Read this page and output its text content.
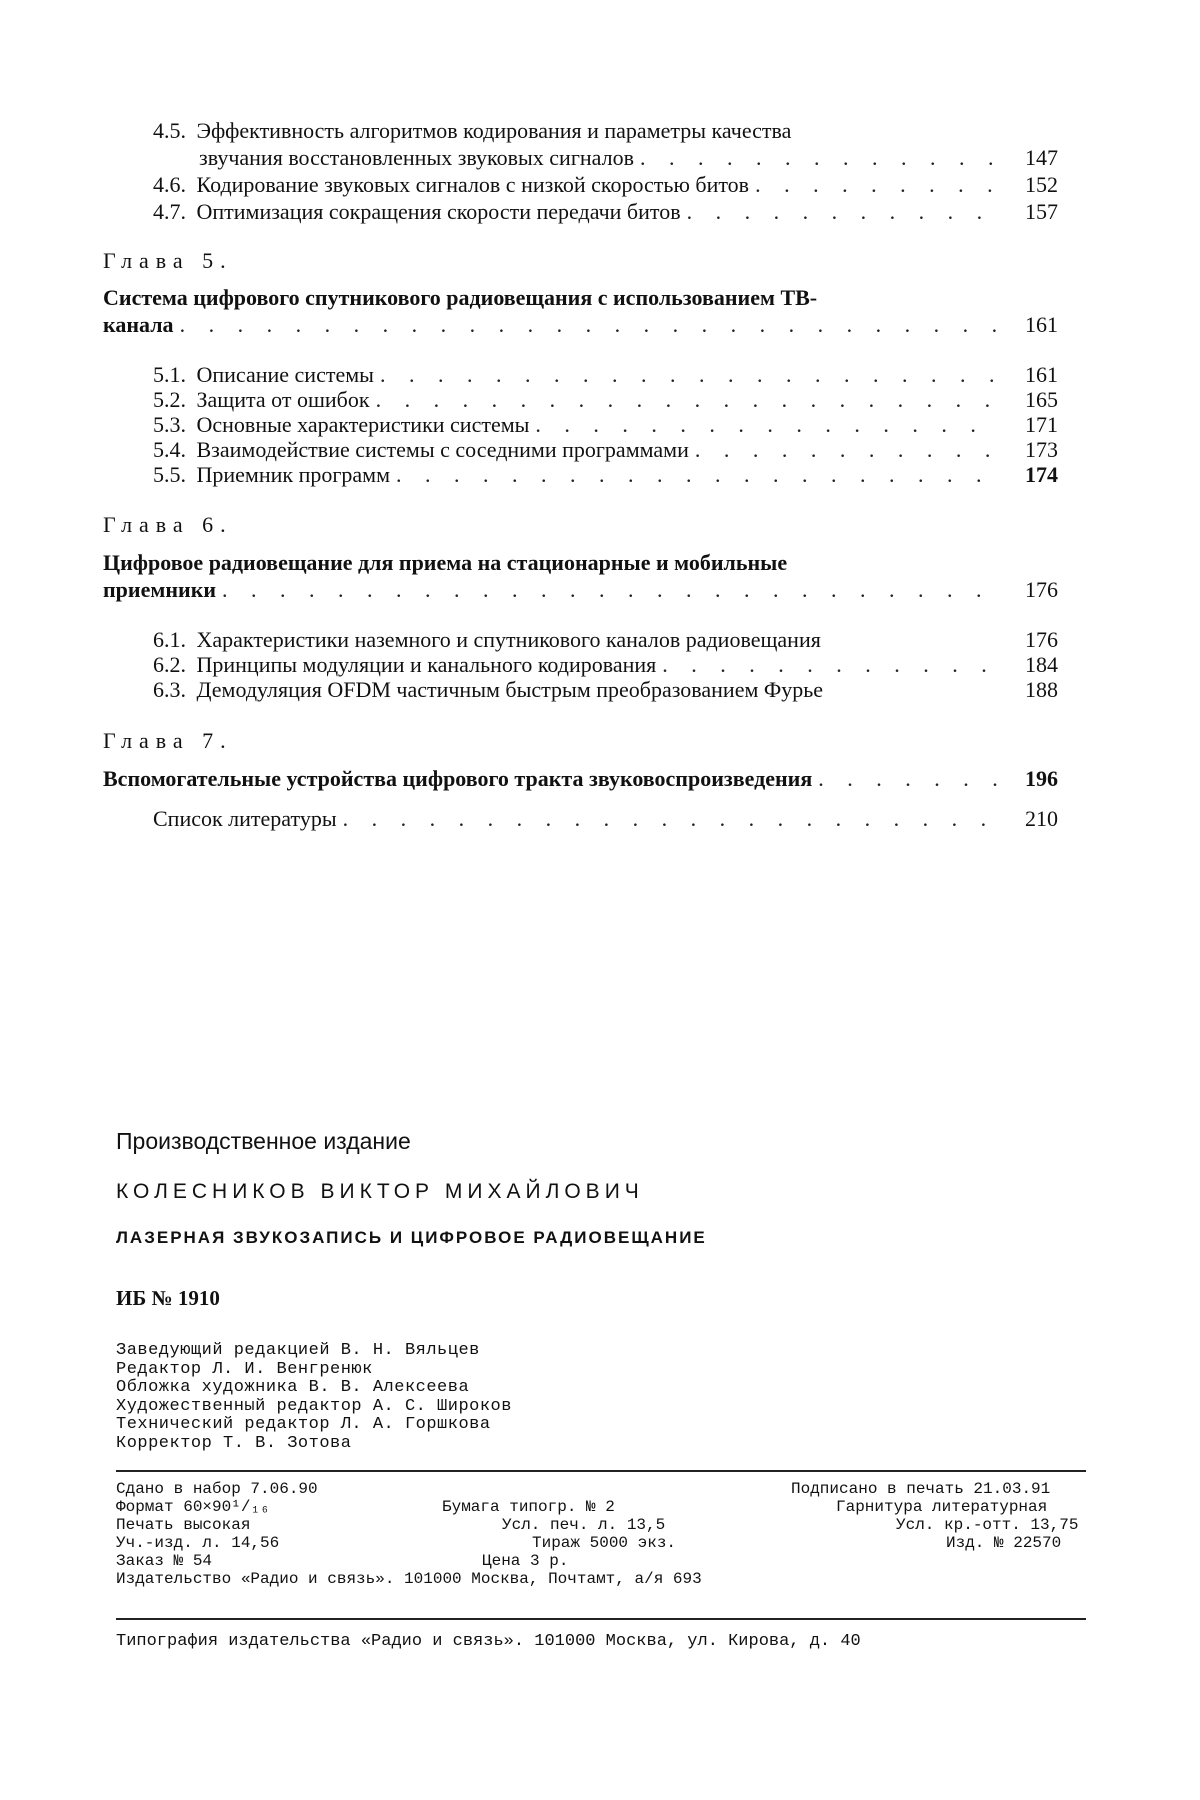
4.5. Эффективность алгоритмов кодирования и параметры качества
звучания восстановленных звуковых сигналов . . .	147
4.6. Кодирование звуковых сигналов с низкой скоростью битов . . .	152
4.7. Оптимизация сокращения скорости передачи битов . . .	157
Глава 5.
Система цифрового спутникового радиовещания с использованием ТВ-
канала . . .	161
5.1. Описание системы . . .	161
5.2. Защита от ошибок . . .	165
5.3. Основные характеристики системы . . .	171
5.4. Взаимодействие системы с соседними программами . . .	173
5.5. Приемник программ . . .	174
Глава 6.
Цифровое радиовещание для приема на стационарные и мобильные
приемники . . .	176
6.1. Характеристики наземного и спутникового каналов радиовещания	176
6.2. Принципы модуляции и канального кодирования . . .	184
6.3. Демодуляция OFDM частичным быстрым преобразованием Фурье	188
Глава 7.
Вспомогательные устройства цифрового тракта звуковоспроизведения . . .	196
Список литературы . . .	210
Производственное издание
КОЛЕСНИКОВ ВИКТОР МИХАЙЛОВИЧ
ЛАЗЕРНАЯ ЗВУКОЗАПИСЬ И ЦИФРОВОЕ РАДИОВЕЩАНИЕ
ИБ № 1910
Заведующий редакцией В. Н. Вяльцев
Редактор Л. И. Венгренюк
Обложка художника В. В. Алексеева
Художественный редактор А. С. Широков
Технический редактор Л. А. Горшкова
Корректор Т. В. Зотова
Сдано в набор 7.06.90	Подписано в печать 21.03.91
Формат 60×90¹/₁₆	Бумага типогр. № 2	Гарнитура литературная
Печать высокая	Усл. печ. л. 13,5	Усл. кр.-отт. 13,75
Уч.-изд. л. 14,56	Тираж 5000 экз.	Изд. № 22570
Заказ № 54	Цена 3 р.
Издательство «Радио и связь». 101000 Москва, Почтамт, а/я 693
Типография издательства «Радио и связь». 101000 Москва, ул. Кирова, д. 40
